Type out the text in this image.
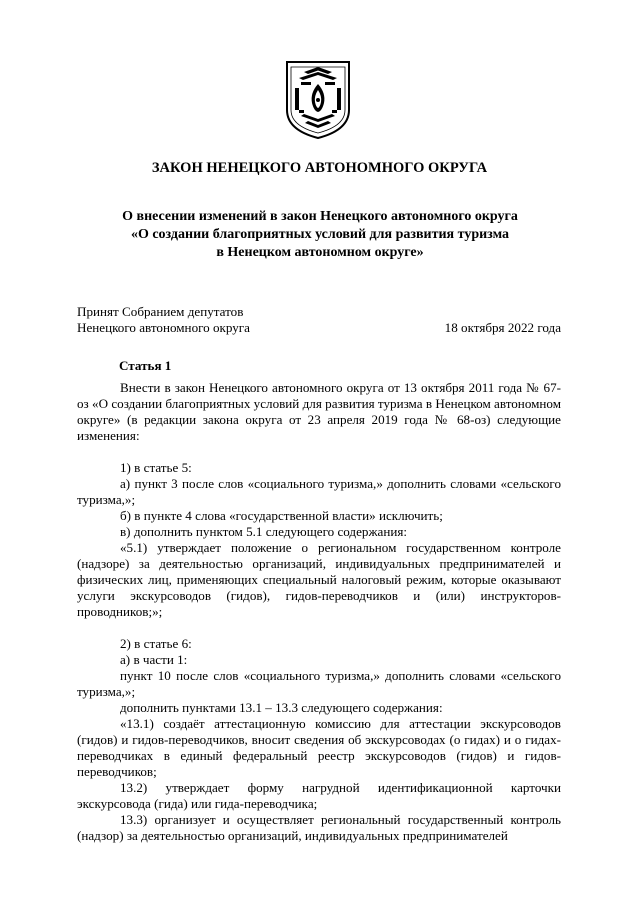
ЗАКОН НЕНЕЦКОГО АВТОНОМНОГО ОКРУГА
О внесении изменений в закон Ненецкого автономного округа
«О создании благоприятных условий для развития туризма
в Ненецком автономном округе»
Принят Собранием депутатов
Ненецкого автономного округа	18 октября 2022 года
Статья 1

Внести в закон Ненецкого автономного округа от 13 октября 2011 года № 67-оз «О создании благоприятных условий для развития туризма в Ненецком автономном округе» (в редакции закона округа от 23 апреля 2019 года № 68-оз) следующие изменения:

1) в статье 5:

а) пункт 3 после слов «социального туризма,» дополнить словами «сельского туризма,»;

б) в пункте 4 слова «государственной власти» исключить;

в) дополнить пунктом 5.1 следующего содержания:

«5.1) утверждает положение о региональном государственном контроле (надзоре) за деятельностью организаций, индивидуальных предпринимателей и физических лиц, применяющих специальный налоговый режим, которые оказывают услуги экскурсоводов (гидов), гидов-переводчиков и (или) инструкторов-проводников;»;

2) в статье 6:

а) в части 1:

пункт 10 после слов «социального туризма,» дополнить словами «сельского туризма,»;

дополнить пунктами 13.1 – 13.3 следующего содержания:

«13.1) создаёт аттестационную комиссию для аттестации экскурсоводов (гидов) и гидов-переводчиков, вносит сведения об экскурсоводах (о гидах) и о гидах-переводчиках в единый федеральный реестр экскурсоводов (гидов) и гидов-переводчиков;

13.2) утверждает форму нагрудной идентификационной карточки экскурсовода (гида) или гида-переводчика;

13.3) организует и осуществляет региональный государственный контроль (надзор) за деятельностью организаций, индивидуальных предпринимателей
